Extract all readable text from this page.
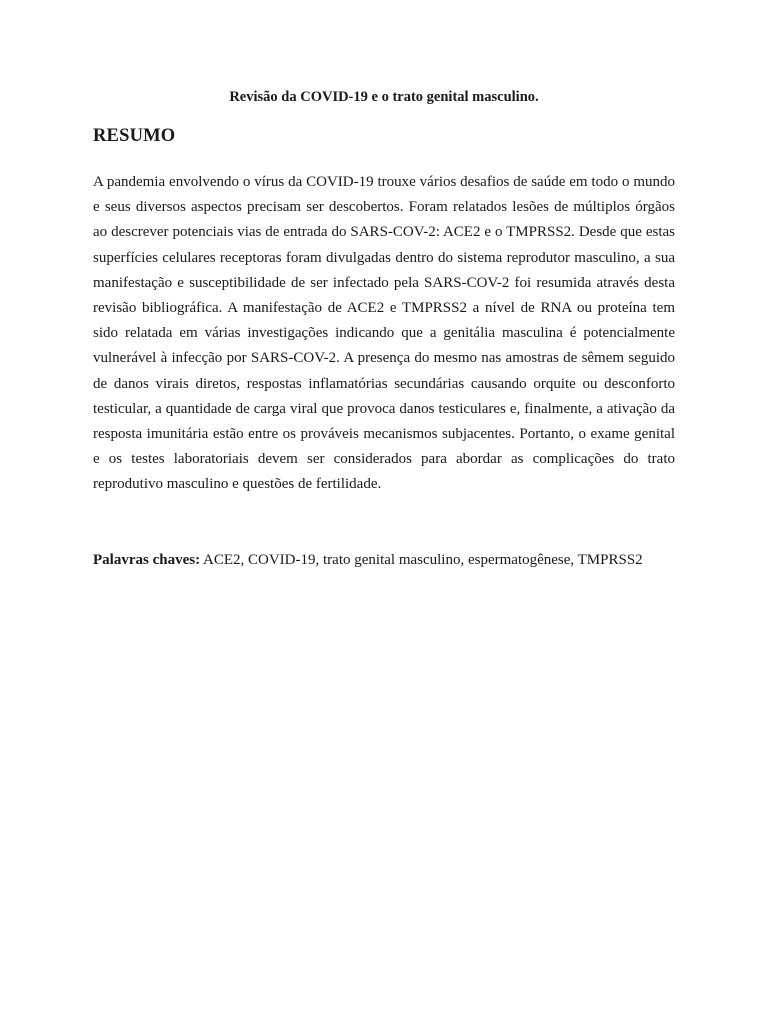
Revisão da COVID-19 e o trato genital masculino.
RESUMO

A pandemia envolvendo o vírus da COVID-19 trouxe vários desafios de saúde em todo o mundo e seus diversos aspectos precisam ser descobertos. Foram relatados lesões de múltiplos órgãos ao descrever potenciais vias de entrada do SARS-COV-2: ACE2 e o TMPRSS2. Desde que estas superfícies celulares receptoras foram divulgadas dentro do sistema reprodutor masculino, a sua manifestação e susceptibilidade de ser infectado pela SARS-COV-2 foi resumida através desta revisão bibliográfica. A manifestação de ACE2 e TMPRSS2 a nível de RNA ou proteína tem sido relatada em várias investigações indicando que a genitália masculina é potencialmente vulnerável à infecção por SARS-COV-2. A presença do mesmo nas amostras de sêmem seguido de danos virais diretos, respostas inflamatórias secundárias causando orquite ou desconforto testicular, a quantidade de carga viral que provoca danos testiculares e, finalmente, a ativação da resposta imunitária estão entre os prováveis mecanismos subjacentes. Portanto, o exame genital e os testes laboratoriais devem ser considerados para abordar as complicações do trato reprodutivo masculino e questões de fertilidade.

Palavras chaves: ACE2, COVID-19, trato genital masculino, espermatogênese, TMPRSS2
